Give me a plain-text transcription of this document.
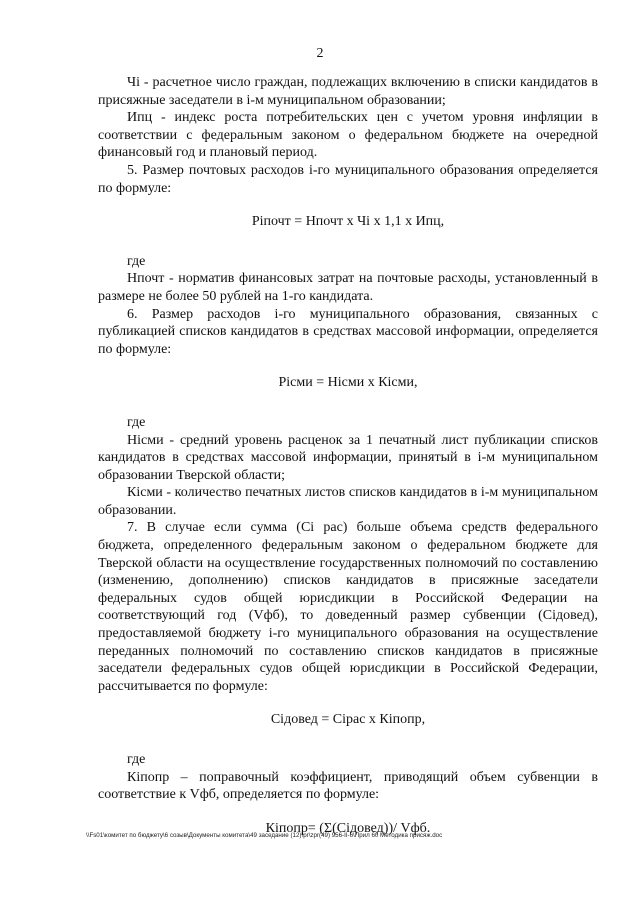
2

Чi - расчетное число граждан, подлежащих включению в списки кандидатов в присяжные заседатели в i-м муниципальном образовании;

Ипц - индекс роста потребительских цен с учетом уровня инфляции в соответствии с федеральным законом о федеральном бюджете на очередной финансовый год и плановый период.

5. Размер почтовых расходов i-го муниципального образования определяется по формуле:

Рiпочт = Нпочт х Чi х 1,1 х Ипц,

где

Нпочт - норматив финансовых затрат на почтовые расходы, установленный в размере не более 50 рублей на 1-го кандидата.

6. Размер расходов i-го муниципального образования, связанных с публикацией списков кандидатов в средствах массовой информации, определяется по формуле:

Рiсми = Нiсми х Кiсми,

где

Нiсми - средний уровень расценок за 1 печатный лист публикации списков кандидатов в средствах массовой информации, принятый в i-м муниципальном образовании Тверской области;

Кiсми - количество печатных листов списков кандидатов в i-м муниципальном образовании.

7. В случае если сумма (Сi рас) больше объема средств федерального бюджета, определенного федеральным законом о федеральном бюджете для Тверской области на осуществление государственных полномочий по составлению (изменению, дополнению) списков кандидатов в присяжные заседатели федеральных судов общей юрисдикции в Российской Федерации на соответствующий год (Vфб), то доведенный размер субвенции (Сiдовед), предоставляемой бюджету i-го муниципального образования на осуществление переданных полномочий по составлению списков кандидатов в присяжные заседатели федеральных судов общей юрисдикции в Российской Федерации, рассчитывается по формуле:

Сiдовед = Сiрас х Кiпопр,

где

Кiпопр – поправочный коэффициент, приводящий объем субвенции в соответствие к Vфб, определяется по формуле:

Кiпопр= (Σ(Сiдовед))/ Vфб.

\\Fs01\комитет по бюджету\6 созыв\Документы комитета\49 заседание (12)\pr\zpr(49) 956-II-6\Прил 60 Методика присяж.doc
